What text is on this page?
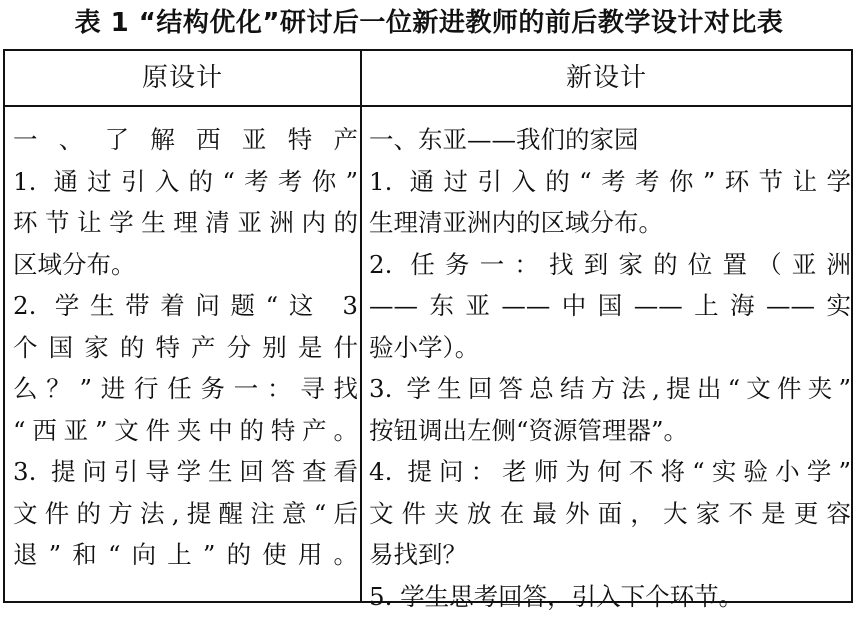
表 1 “结构优化”研讨后一位新进教师的前后教学设计对比表
原设计	新设计
一、了解西亚特产
1. 通过引入的“考考你”
环节让学生理清亚洲内的
区域分布。
2. 学生带着问题“这 3
个国家的特产分别是什
么？”进行任务一：寻找
“西亚”文件夹中的特产。
3. 提问引导学生回答查看
文件的方法,提醒注意“后
退”和“向上”的使用。
一、东亚——我们的家园
1. 通过引入的“考考你”环节让学
生理清亚洲内的区域分布。
2. 任务一：找到家的位置（亚洲
——东亚——中国——上海——实
验小学）。
3. 学生回答总结方法,提出“文件夹”
按钮调出左侧“资源管理器”。
4. 提问：老师为何不将“实验小学”
文件夹放在最外面，大家不是更容
易找到？
5. 学生思考回答，引入下个环节。
